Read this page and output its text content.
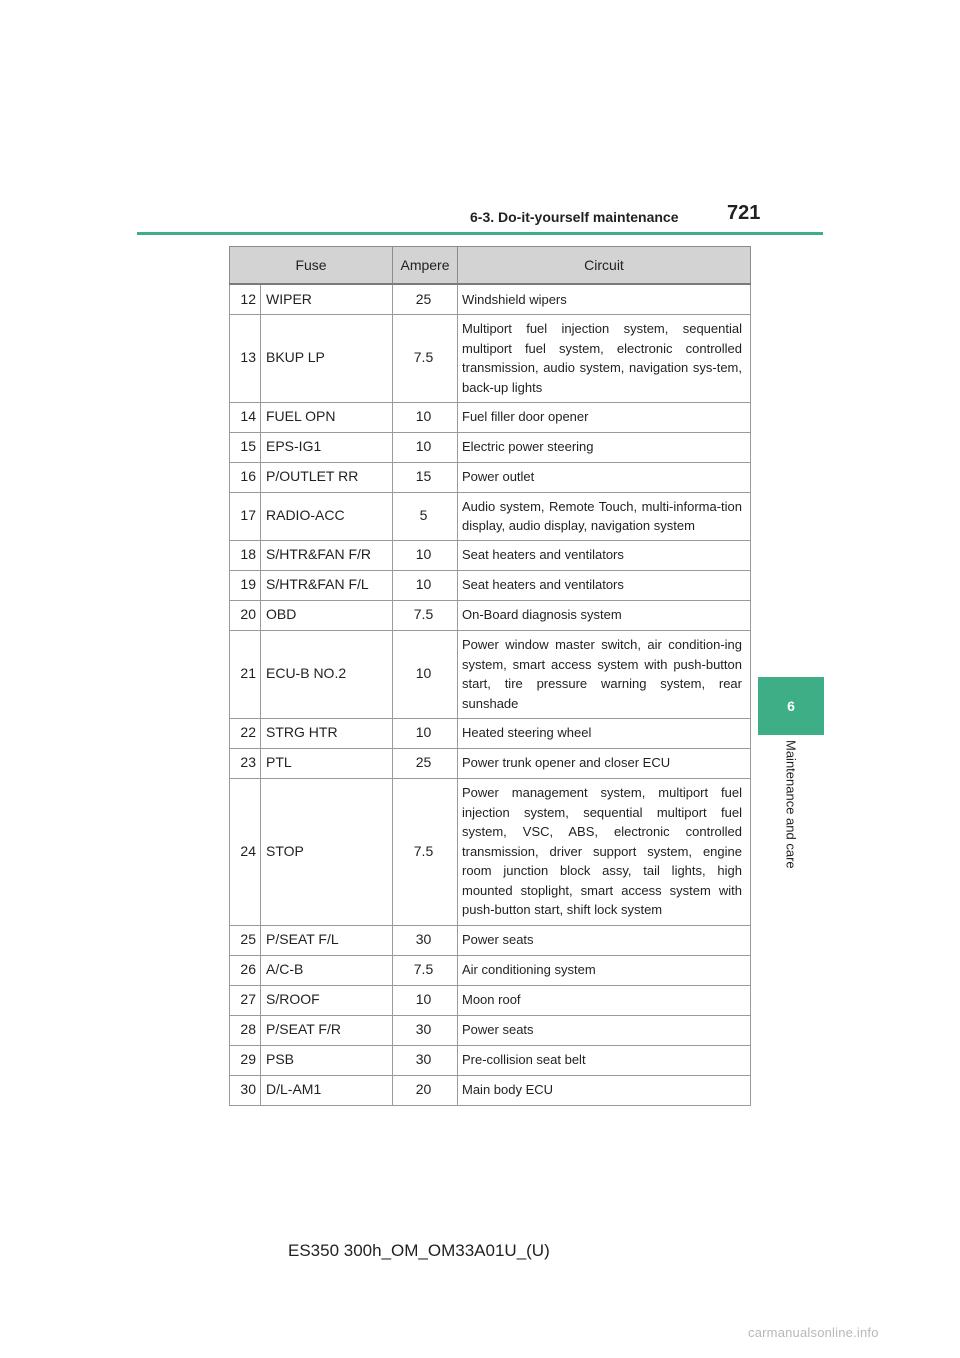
6-3. Do-it-yourself maintenance 721
6
Maintenance and care
Fuse		Ampere	Circuit
12	WIPER	25	Windshield wipers
13	BKUP LP	7.5	Multiport fuel injection system, sequential multiport fuel system, electronic controlled transmission, audio system, navigation sys-tem, back-up lights
14	FUEL OPN	10	Fuel filler door opener
15	EPS-IG1	10	Electric power steering
16	P/OUTLET RR	15	Power outlet
17	RADIO-ACC	5	Audio system, Remote Touch, multi-informa-tion display, audio display, navigation system
18	S/HTR&FAN F/R	10	Seat heaters and ventilators
19	S/HTR&FAN F/L	10	Seat heaters and ventilators
20	OBD	7.5	On-Board diagnosis system
21	ECU-B NO.2	10	Power window master switch, air condition-ing system, smart access system with push-button start, tire pressure warning system, rear sunshade
22	STRG HTR	10	Heated steering wheel
23	PTL	25	Power trunk opener and closer ECU
24	STOP	7.5	Power management system, multiport fuel injection system, sequential multiport fuel system, VSC, ABS, electronic controlled transmission, driver support system, engine room junction block assy, tail lights, high mounted stoplight, smart access system with push-button start, shift lock system
25	P/SEAT F/L	30	Power seats
26	A/C-B	7.5	Air conditioning system
27	S/ROOF	10	Moon roof
28	P/SEAT F/R	30	Power seats
29	PSB	30	Pre-collision seat belt
30	D/L-AM1	20	Main body ECU
ES350 300h_OM_OM33A01U_(U)
carmanualsonline.info
